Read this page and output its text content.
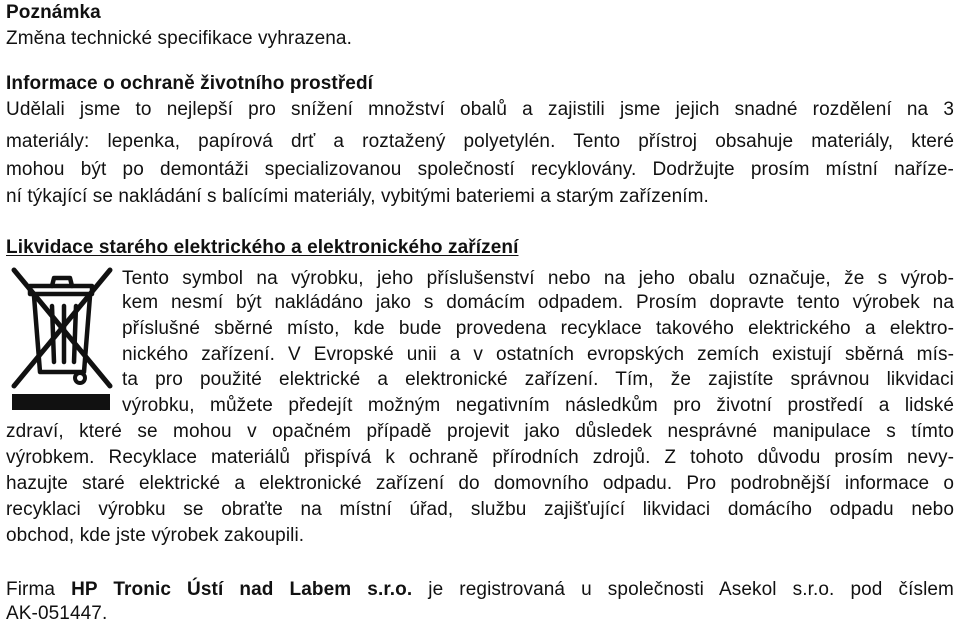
Poznámka
Změna technické specifikace vyhrazena.
Informace o ochraně životního prostředí
Udělali jsme to nejlepší pro snížení množství obalů a zajistili jsme jejich snadné rozdělení na 3
materiály: lepenka, papírová drť a roztažený polyetylén. Tento přístroj obsahuje materiály, které
mohou být po demontáži specializovanou společností recyklovány. Dodržujte prosím místní naříze-
ní týkající se nakládání s balícími materiály, vybitými bateriemi a starým zařízením.
Likvidace starého elektrického a elektronického zařízení
Tento symbol na výrobku, jeho příslušenství nebo na jeho obalu označuje, že s výrob-
kem nesmí být nakládáno jako s domácím odpadem. Prosím dopravte tento výrobek na
příslušné sběrné místo, kde bude provedena recyklace takového elektrického a elektro-
nického zařízení. V Evropské unii a v ostatních evropských zemích existují sběrná mís-
ta pro použité elektrické a elektronické zařízení. Tím, že zajistíte správnou likvidaci
výrobku, můžete předejít možným negativním následkům pro životní prostředí a lidské
zdraví, které se mohou v opačném případě projevit jako důsledek nesprávné manipulace s tímto
výrobkem. Recyklace materiálů přispívá k ochraně přírodních zdrojů. Z tohoto důvodu prosím nevy-
hazujte staré elektrické a elektronické zařízení do domovního odpadu. Pro podrobnější informace o
recyklaci výrobku se obraťte na místní úřad, službu zajišťující likvidaci domácího odpadu nebo
obchod, kde jste výrobek zakoupili.
Firma HP Tronic Ústí nad Labem s.r.o. je registrovaná u společnosti Asekol s.r.o. pod číslem
AK-051447.
